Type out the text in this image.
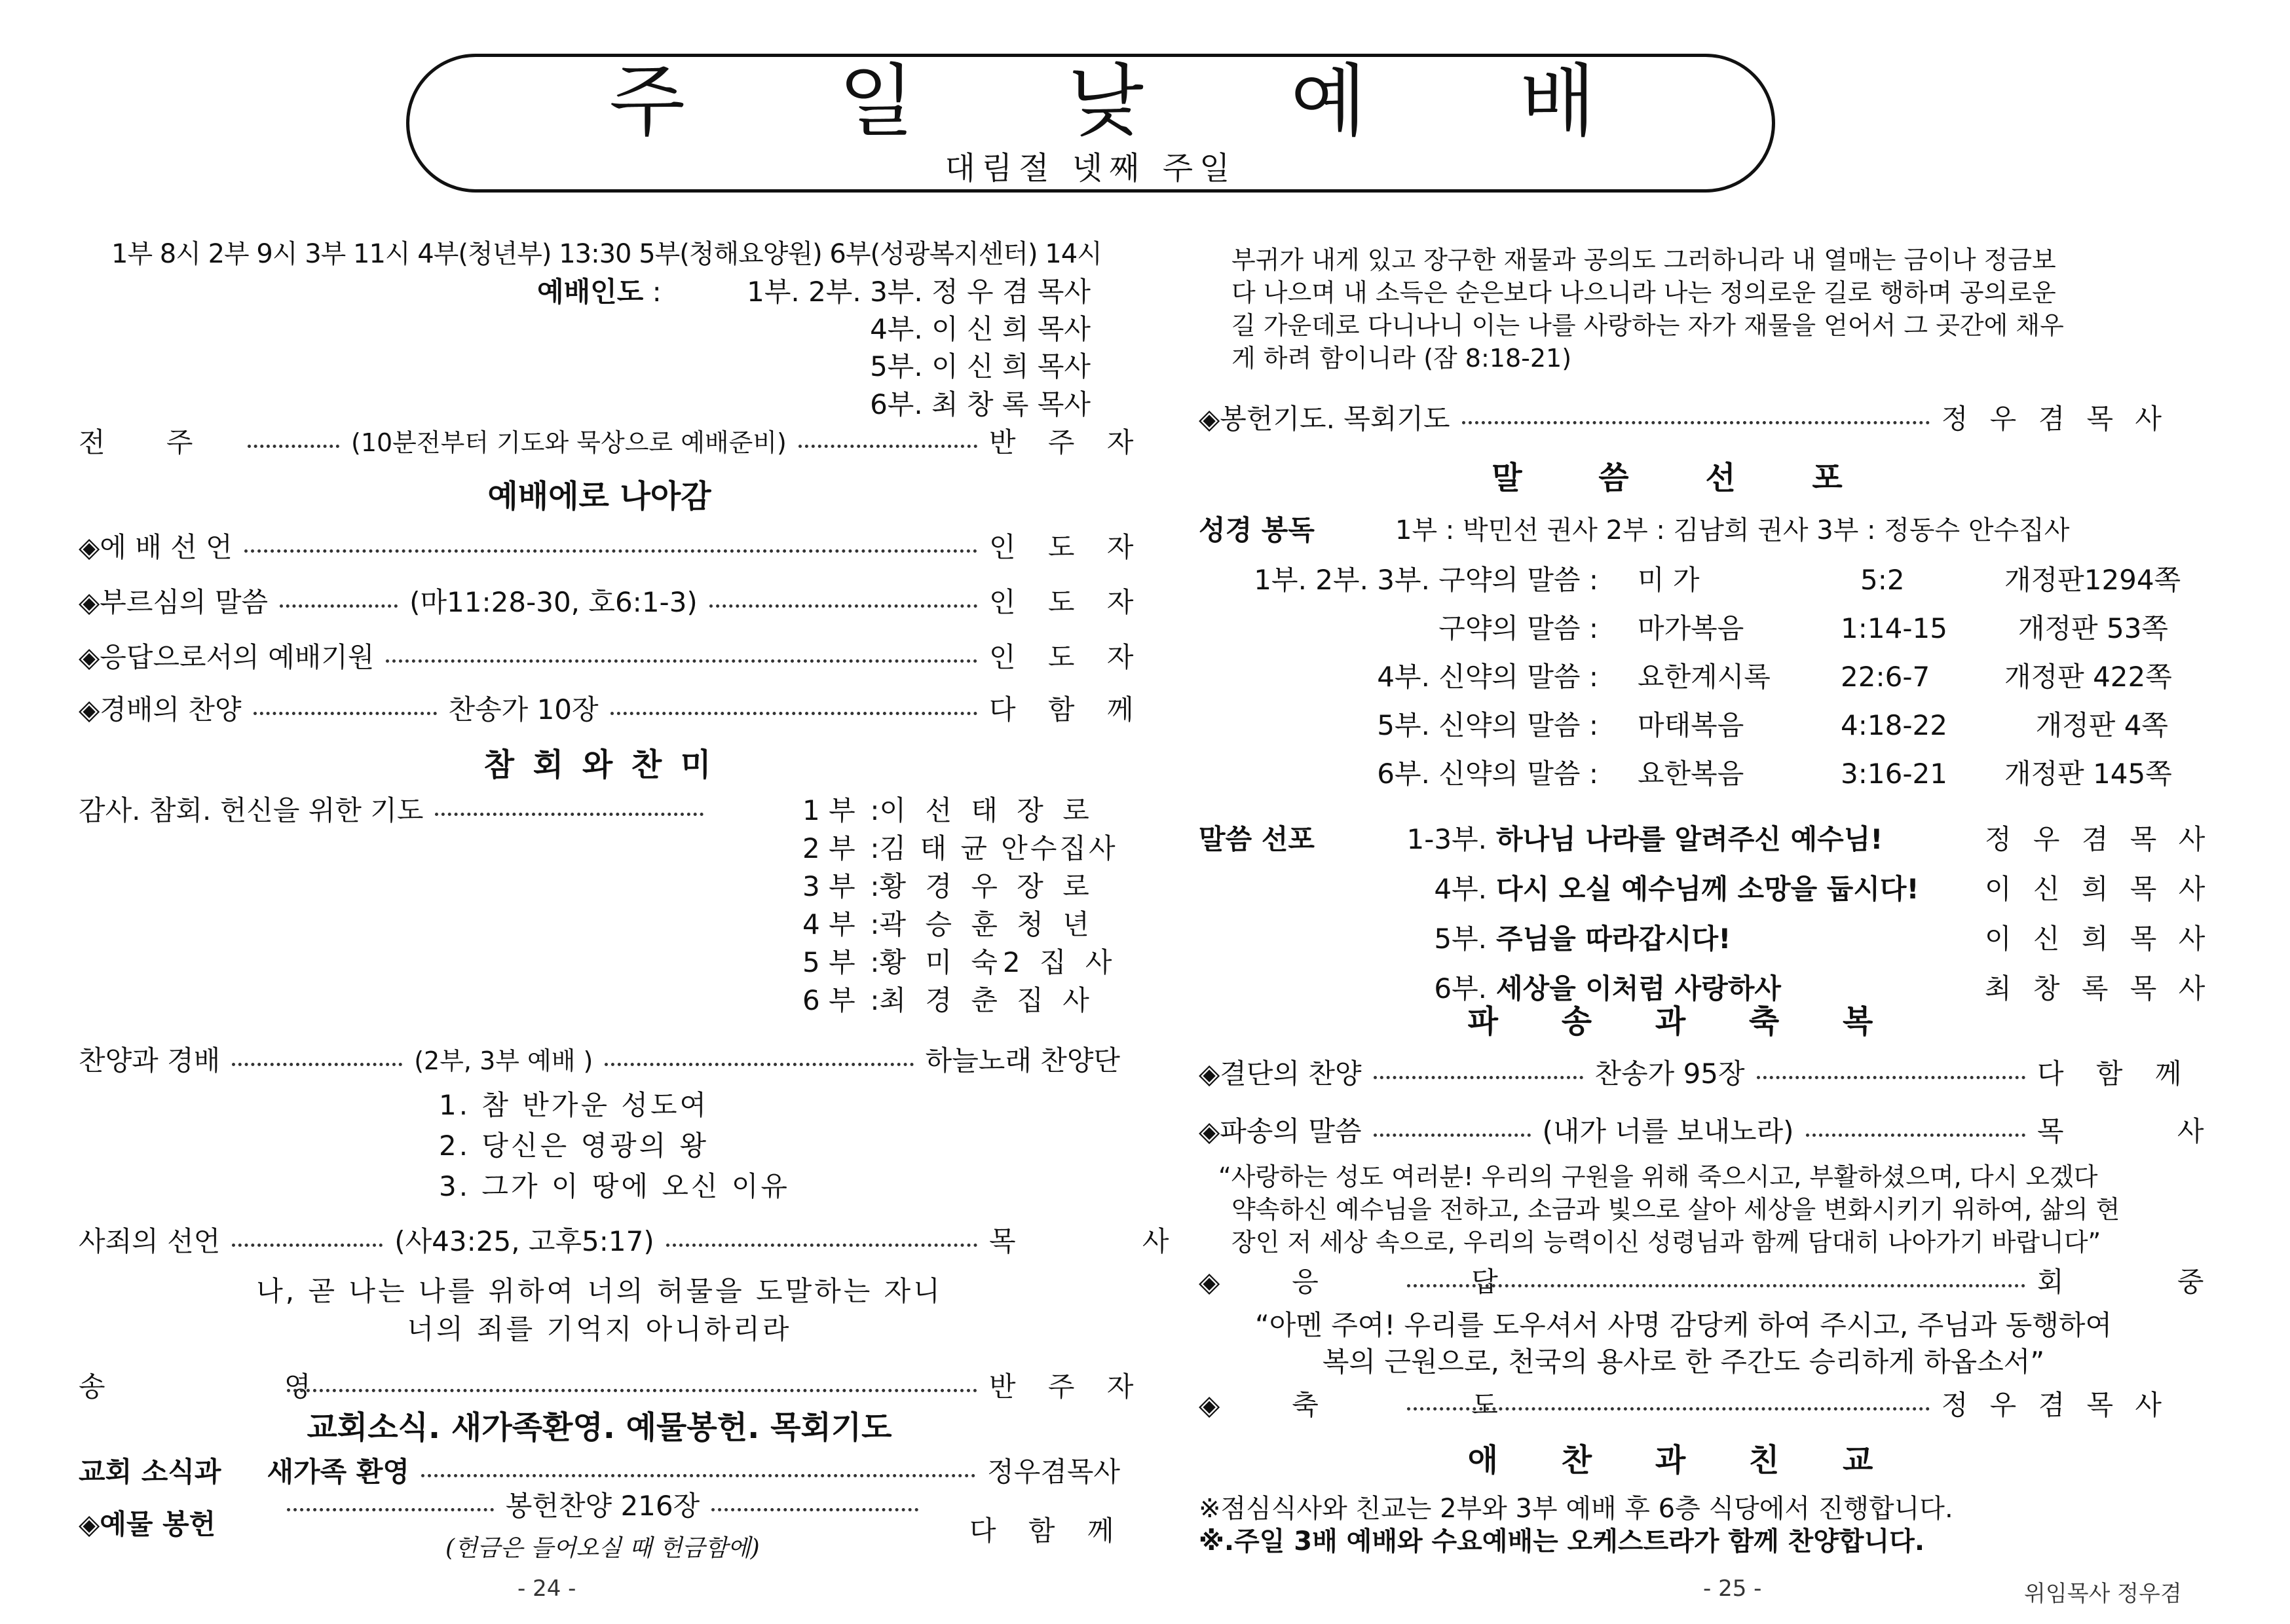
주 일 낮 예 배
대림절 넷째 주일
1부 8시 2부 9시 3부 11시 4부(청년부) 13:30 5부(청해요양원) 6부(성광복지센터) 14시
예배인도 :	1부. 2부. 3부. 정 우 겸 목사
4부. 이 신 희 목사
5부. 이 신 희 목사
6부. 최 창 록 목사
전 주	(10분전부터 기도와 묵상으로 예배준비)	반 주 자
예배에로 나아감
◈에 배 선 언	인 도 자
◈부르심의 말씀	(마11:28-30, 호6:1-3)	인 도 자
◈응답으로서의 예배기원	인 도 자
◈경배의 찬양	찬송가 10장	다 함 께
참 회 와 찬 미
감사. 참회. 헌신을 위한 기도	1 부 : 이 선 태 장 로
2 부 : 김 태 균 안수집사
3 부 : 황 경 우 장 로
4 부 : 곽 승 훈 청 년
5 부 : 황 미 숙2 집 사
6 부 : 최 경 춘 집 사
찬양과 경배	(2부, 3부 예배 )	하늘노래 찬양단
1. 참 반가운 성도여
2. 당신은 영광의 왕
3. 그가 이 땅에 오신 이유
사죄의 선언	(사43:25, 고후5:17)	목 사
나, 곧 나는 나를 위하여 너의 허물을 도말하는 자니
너의 죄를 기억지 아니하리라
송 영	반 주 자
교회소식. 새가족환영. 예물봉헌. 목회기도
교회 소식과 새가족 환영	정우겸목사
봉헌찬양 216장
◈예물 봉헌	다 함 께
(헌금은 들어오실 때 헌금함에)
- 24 -
부귀가 내게 있고 장구한 재물과 공의도 그러하니라 내 열매는 금이나 정금보
다 나으며 내 소득은 순은보다 나으니라 나는 정의로운 길로 행하며 공의로운
길 가운데로 다니나니 이는 나를 사랑하는 자가 재물을 얻어서 그 곳간에 채우
게 하려 함이니라 (잠 8:18-21)
◈봉헌기도. 목회기도	정 우 겸 목 사
말 씀 선 포
성경 봉독	1부 : 박민선 권사 2부 : 김남희 권사 3부 : 정동수 안수집사
1부. 2부. 3부. 구약의 말씀 :	미 가	5:2	개정판1294쪽
구약의 말씀 :	마가복음	1:14-15	개정판 53쪽
4부. 신약의 말씀 :	요한계시록	22:6-7	개정판 422쪽
5부. 신약의 말씀 :	마태복음	4:18-22	개정판 4쪽
6부. 신약의 말씀 :	요한복음	3:16-21	개정판 145쪽
말씀 선포	1-3부. 하나님 나라를 알려주신 예수님!	정 우 겸 목 사
4부. 다시 오실 예수님께 소망을 둡시다!	이 신 희 목 사
5부. 주님을 따라갑시다!	이 신 희 목 사
6부. 세상을 이처럼 사랑하사	최 창 록 목 사
파 송 과 축 복
◈결단의 찬양	찬송가 95장	다 함 께
◈파송의 말씀	(내가 너를 보내노라)	목 사
“사랑하는 성도 여러분! 우리의 구원을 위해 죽으시고, 부활하셨으며, 다시 오겠다
약속하신 예수님을 전하고, 소금과 빛으로 살아 세상을 변화시키기 위하여, 삶의 현
장인 저 세상 속으로, 우리의 능력이신 성령님과 함께 담대히 나아가기 바랍니다”
◈응 답	회 중
“아멘 주여! 우리를 도우셔서 사명 감당케 하여 주시고, 주님과 동행하여
복의 근원으로, 천국의 용사로 한 주간도 승리하게 하옵소서”
◈축 도	정 우 겸 목 사
애 찬 과 친 교
※점심식사와 친교는 2부와 3부 예배 후 6층 식당에서 진행합니다.
※.주일 3배 예배와 수요예배는 오케스트라가 함께 찬양합니다.
- 25 -	위임목사 정우겸
